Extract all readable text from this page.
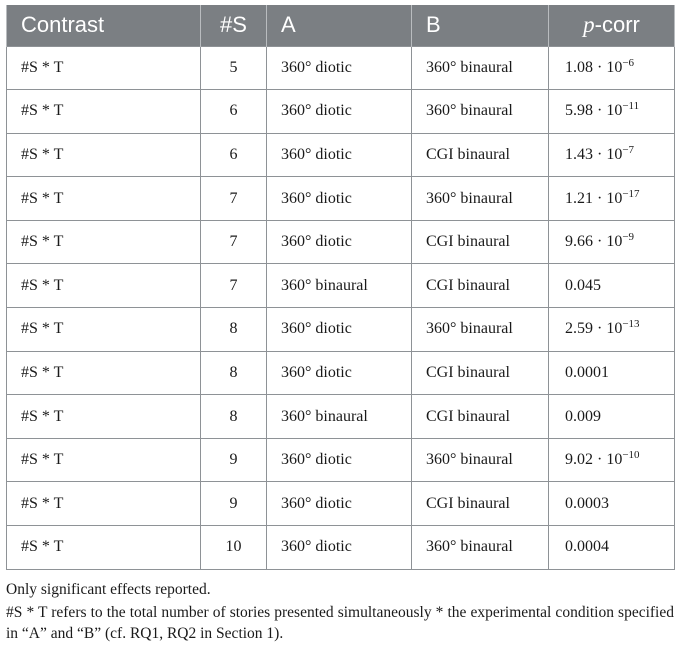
Contrast	#S	A	B	p-corr
#S * T	5	360° diotic	360° binaural	$1.08 \cdot 10^{-6}$
#S * T	6	360° diotic	360° binaural	$5.98 \cdot 10^{-11}$
#S * T	6	360° diotic	CGI binaural	$1.43 \cdot 10^{-7}$
#S * T	7	360° diotic	360° binaural	$1.21 \cdot 10^{-17}$
#S * T	7	360° diotic	CGI binaural	$9.66 \cdot 10^{-9}$
#S * T	7	360° binaural	CGI binaural	0.045
#S * T	8	360° diotic	360° binaural	$2.59 \cdot 10^{-13}$
#S * T	8	360° diotic	CGI binaural	0.0001
#S * T	8	360° binaural	CGI binaural	0.009
#S * T	9	360° diotic	360° binaural	$9.02 \cdot 10^{-10}$
#S * T	9	360° diotic	CGI binaural	0.0003
#S * T	10	360° diotic	360° binaural	0.0004

Only significant effects reported.

#S * T refers to the total number of stories presented simultaneously * the experimental condition specified in “A” and “B” (cf. RQ1, RQ2 in Section 1).
